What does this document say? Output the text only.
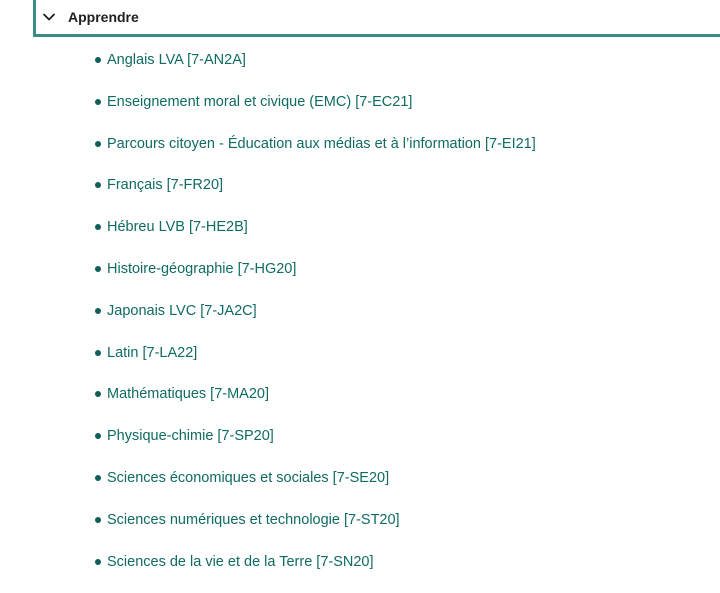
Apprendre
Anglais LVA [7-AN2A]
Enseignement moral et civique (EMC) [7-EC21]
Parcours citoyen - Éducation aux médias et à l’information [7-EI21]
Français [7-FR20]
Hébreu LVB [7-HE2B]
Histoire-géographie [7-HG20]
Japonais LVC [7-JA2C]
Latin [7-LA22]
Mathématiques [7-MA20]
Physique-chimie [7-SP20]
Sciences économiques et sociales [7-SE20]
Sciences numériques et technologie [7-ST20]
Sciences de la vie et de la Terre [7-SN20]
